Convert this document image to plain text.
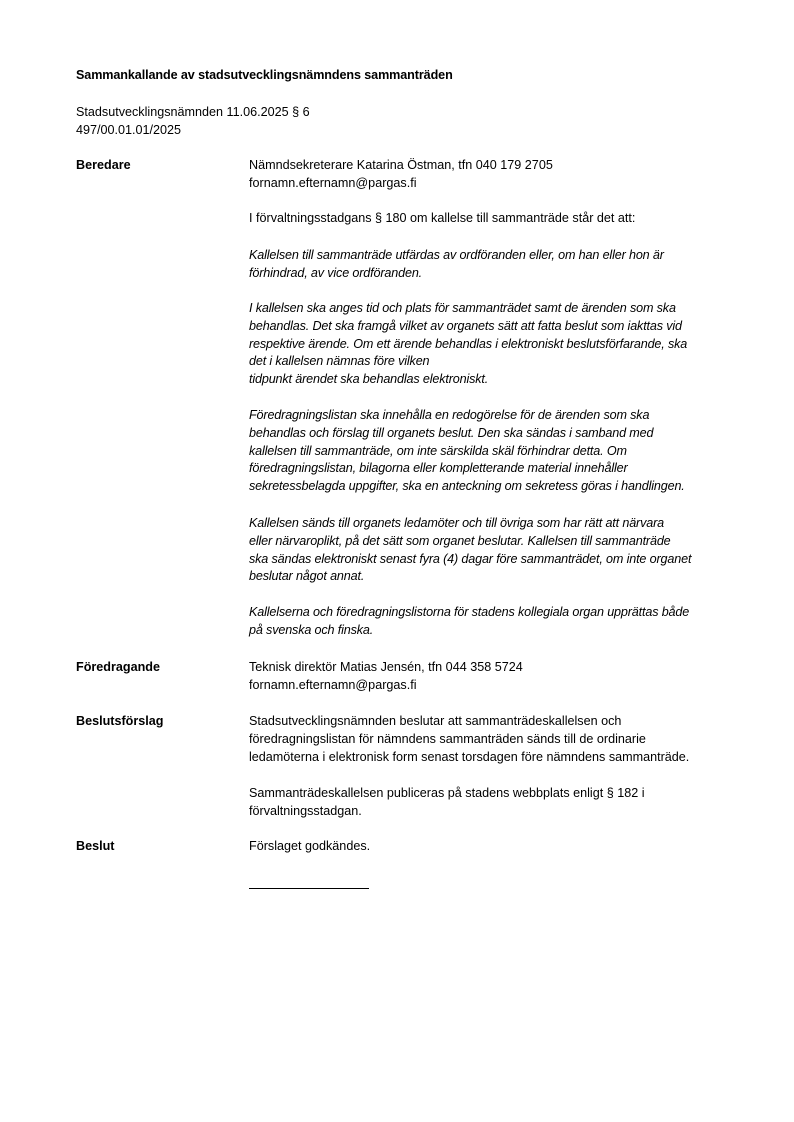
Sammankallande av stadsutvecklingsnämndens sammanträden
Stadsutvecklingsnämnden 11.06.2025 § 6
497/00.01.01/2025
Beredare	Nämndsekreterare Katarina Östman, tfn 040 179 2705

fornamn.efternamn@pargas.fi

I förvaltningsstadgans § 180 om kallelse till sammanträde står det att:

Kallelsen till sammanträde utfärdas av ordföranden eller, om han eller hon är

förhindrad, av vice ordföranden.

I kallelsen ska anges tid och plats för sammanträdet samt de ärenden som ska

behandlas. Det ska framgå vilket av organets sätt att fatta beslut som iakttas vid

respektive ärende. Om ett ärende behandlas i elektroniskt beslutsförfarande, ska

det i kallelsen nämnas före vilken

tidpunkt ärendet ska behandlas elektroniskt.

Föredragningslistan ska innehålla en redogörelse för de ärenden som ska

behandlas och förslag till organets beslut. Den ska sändas i samband med

kallelsen till sammanträde, om inte särskilda skäl förhindrar detta. Om

föredragningslistan, bilagorna eller kompletterande material innehåller

sekretessbelagda uppgifter, ska en anteckning om sekretess göras i handlingen.

Kallelsen sänds till organets ledamöter och till övriga som har rätt att närvara

eller närvaroplikt, på det sätt som organet beslutar. Kallelsen till sammanträde

ska sändas elektroniskt senast fyra (4) dagar före sammanträdet, om inte organet

beslutar något annat.

Kallelserna och föredragningslistorna för stadens kollegiala organ upprättas både

på svenska och finska.

Föredragande	Teknisk direktör Matias Jensén, tfn 044 358 5724

fornamn.efternamn@pargas.fi

Beslutsförslag	Stadsutvecklingsnämnden beslutar att sammanträdeskallelsen och

föredragningslistan för nämndens sammanträden sänds till de ordinarie

ledamöterna i elektronisk form senast torsdagen före nämndens sammanträde.

Sammanträdeskallelsen publiceras på stadens webbplats enligt § 182 i

förvaltningsstadgan.

Beslut	Förslaget godkändes.
